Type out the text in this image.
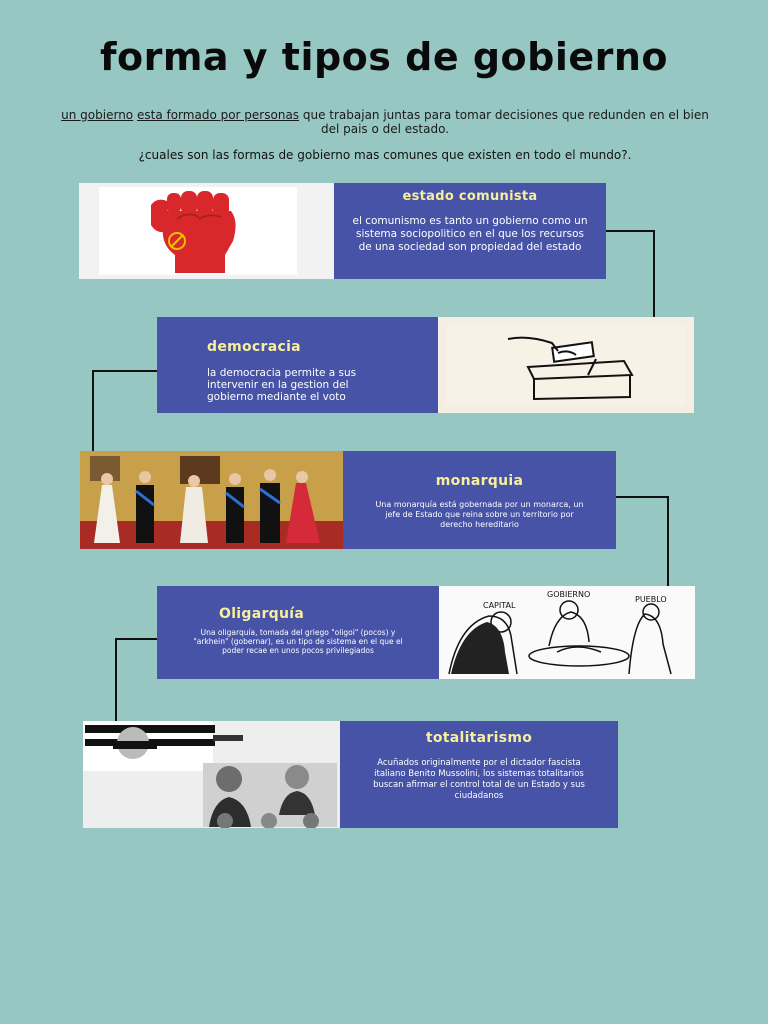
forma y tipos de gobierno

un gobierno esta formado por personas que trabajan juntas para tomar decisiones que redunden en el bien del pais o del estado.

¿cuales son las formas de gobierno mas comunes que existen en todo el mundo?.
estado comunista
el comunismo es tanto un gobierno como un sistema sociopolitico en el que los recursos de una sociedad son propiedad del estado
democracia
la democracia permite a sus intervenir en la gestion del gobierno mediante el voto
monarquia
Una monarquía está gobernada por un monarca, un jefe de Estado que reina sobre un territorio por derecho hereditario
Oligarquía
Una oligarquía, tomada del griego "oligoi" (pocos) y "arkhein" (gobernar), es un tipo de sistema en el que el poder recae en unos pocos privilegiados
CAPITAL
GOBIERNO
PUEBLO
totalitarismo
Acuñados originalmente por el dictador fascista italiano Benito Mussolini, los sistemas totalitarios buscan afirmar el control total de un Estado y sus ciudadanos
